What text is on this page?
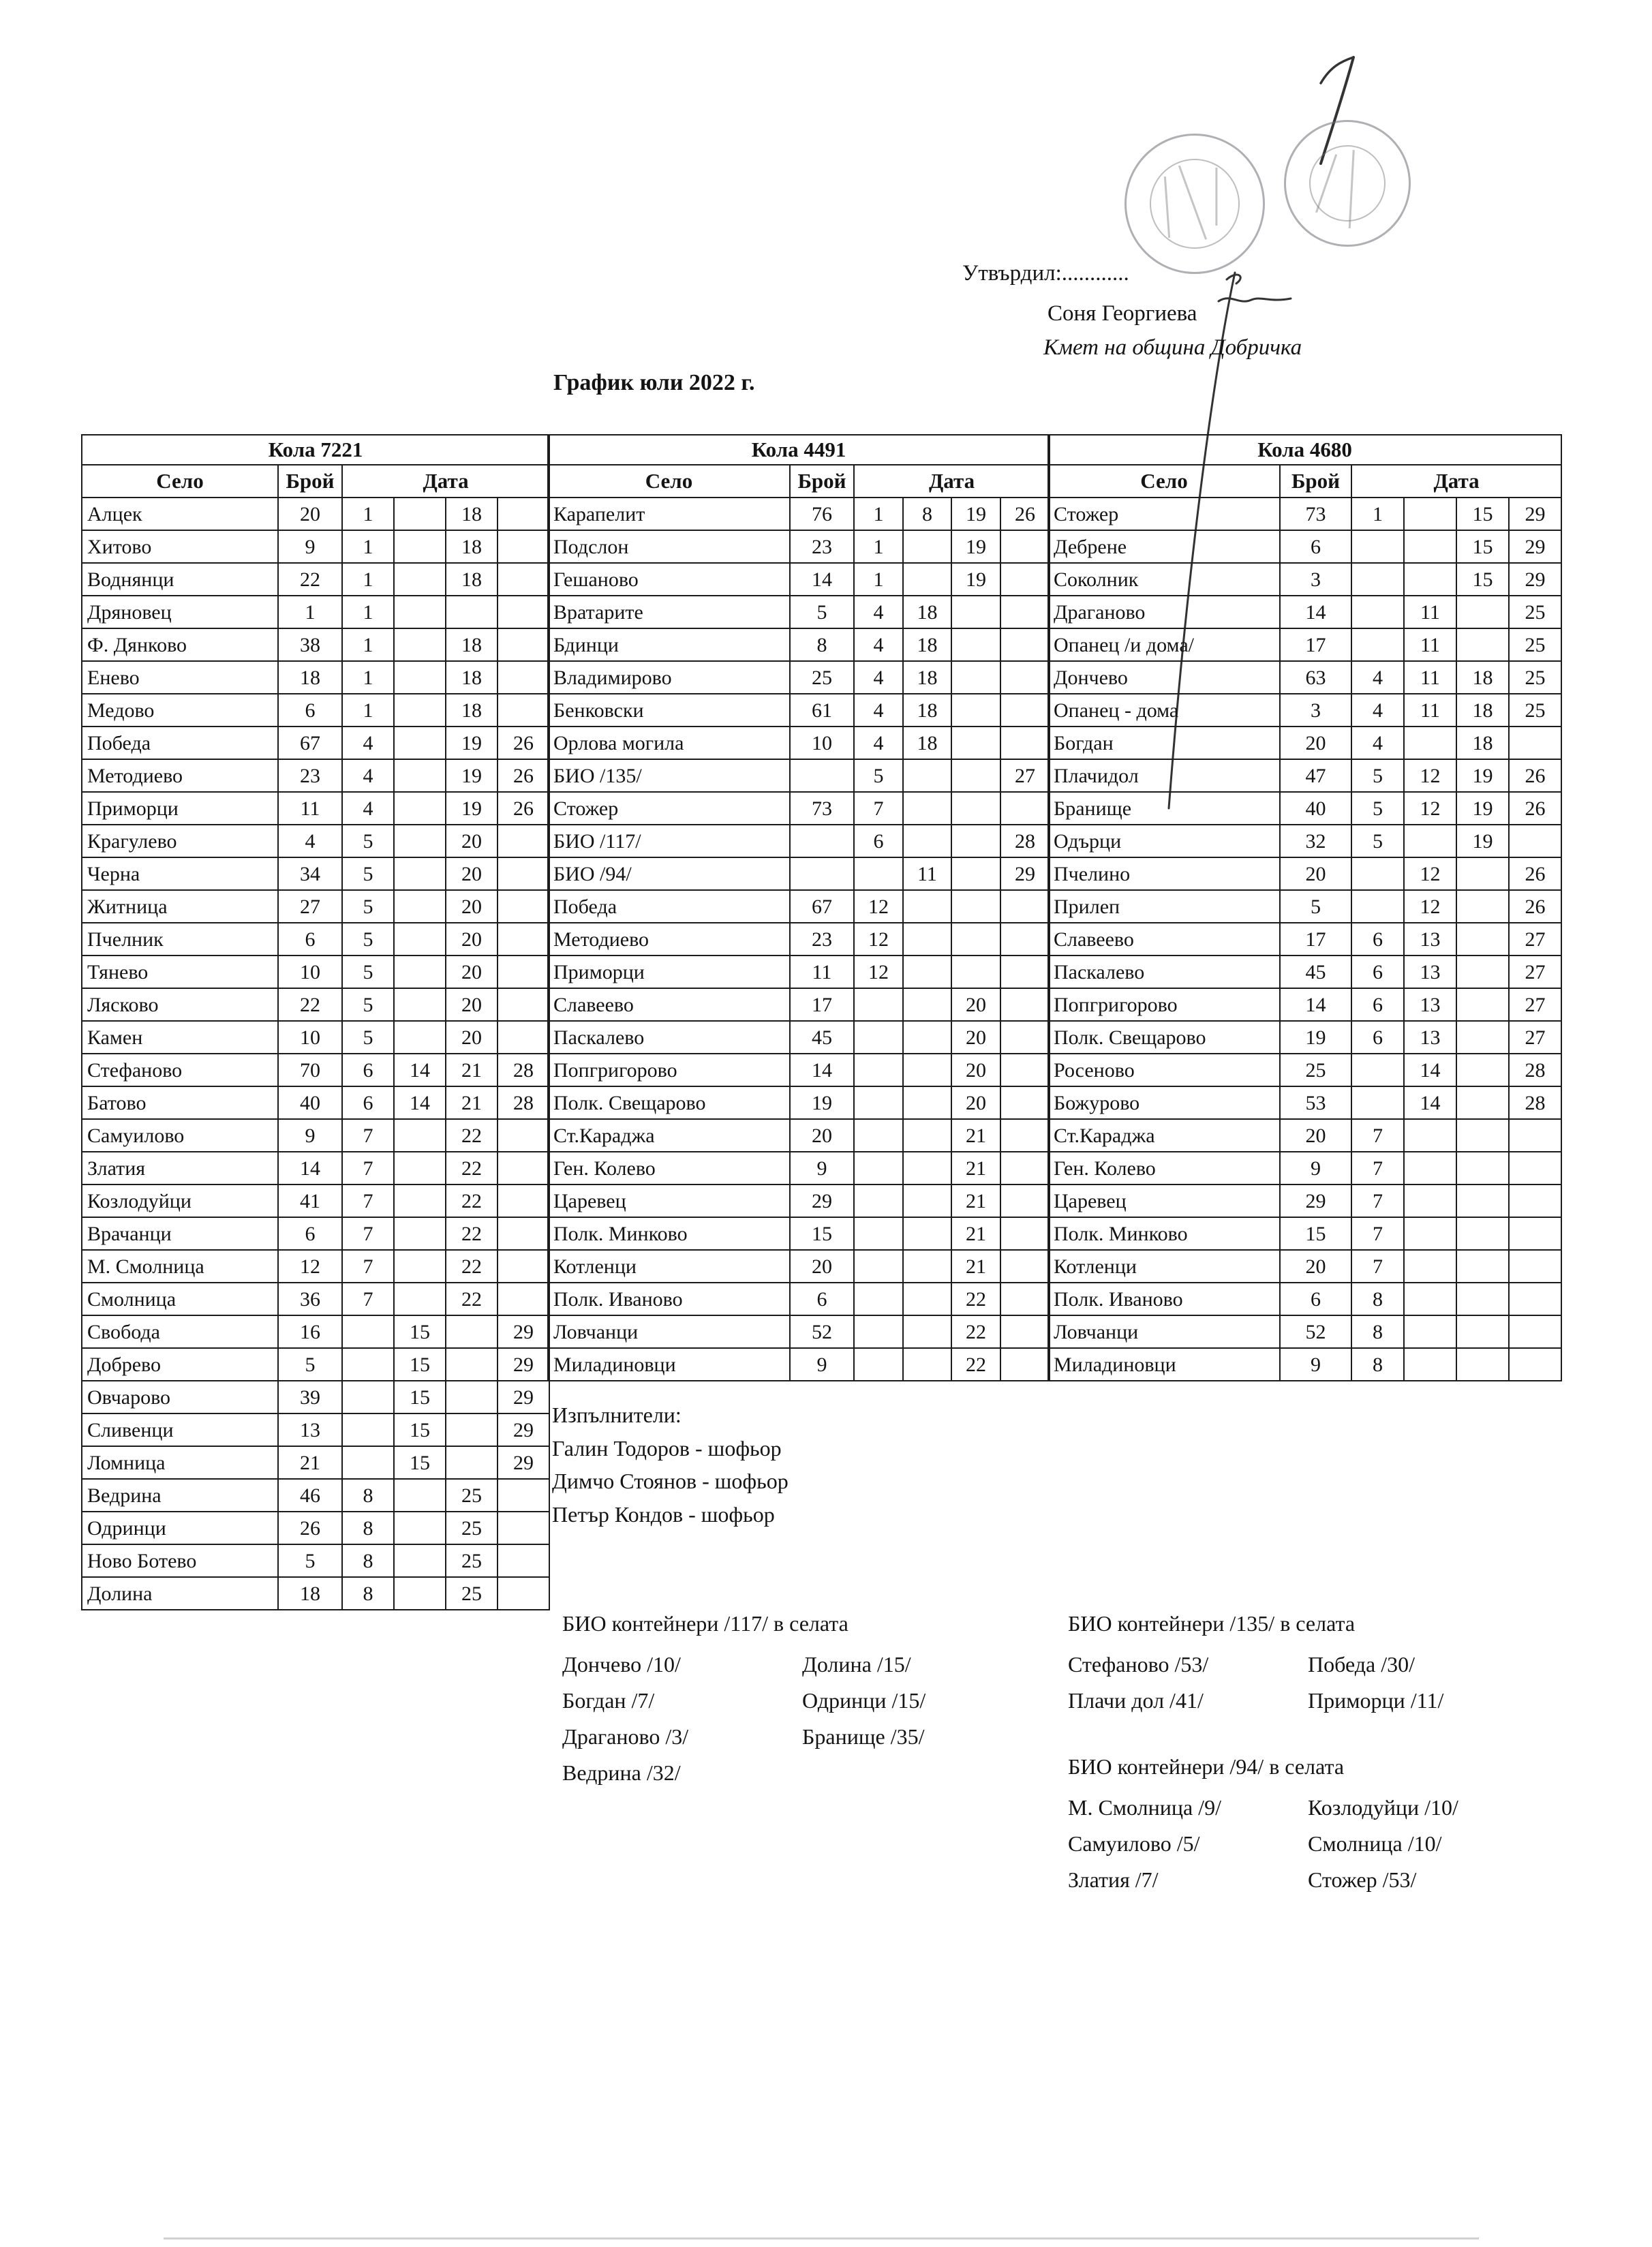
Утвърдил:............
Соня Георгиева
Кмет на община Добричка
График юли 2022 г.
Кола 7221					
Село	Брой	Дата			
Алцек	20	1		18	
Хитово	9	1		18	
Воднянци	22	1		18	
Дряновец	1	1			
Ф. Дянково	38	1		18	
Енево	18	1		18	
Медово	6	1		18	
Победа	67	4		19	26
Методиево	23	4		19	26
Приморци	11	4		19	26
Крагулево	4	5		20	
Черна	34	5		20	
Житница	27	5		20	
Пчелник	6	5		20	
Тянево	10	5		20	
Лясково	22	5		20	
Камен	10	5		20	
Стефаново	70	6	14	21	28
Батово	40	6	14	21	28
Самуилово	9	7		22	
Златия	14	7		22	
Козлодуйци	41	7		22	
Врачанци	6	7		22	
М. Смолница	12	7		22	
Смолница	36	7		22	
Свобода	16		15		29
Добрево	5		15		29
Овчарово	39		15		29
Сливенци	13		15		29
Ломница	21		15		29
Ведрина	46	8		25	
Одринци	26	8		25	
Ново Ботево	5	8		25	
Долина	18	8		25	
Кола 4491					
Село	Брой	Дата			
Карапелит	76	1	8	19	26
Подслон	23	1		19	
Гешаново	14	1		19	
Вратарите	5	4	18		
Бдинци	8	4	18		
Владимирово	25	4	18		
Бенковски	61	4	18		
Орлова могила	10	4	18		
БИО /135/		5			27
Стожер	73	7			
БИО /117/		6			28
БИО /94/			11		29
Победа	67	12			
Методиево	23	12			
Приморци	11	12			
Славеево	17			20	
Паскалево	45			20	
Попгригорово	14			20	
Полк. Свещарово	19			20	
Ст.Караджа	20			21	
Ген. Колево	9			21	
Царевец	29			21	
Полк. Минково	15			21	
Котленци	20			21	
Полк. Иваново	6			22	
Ловчанци	52			22	
Миладиновци	9			22	
Кола 4680					
Село	Брой	Дата			
Стожер	73	1		15	29
Дебрене	6			15	29
Соколник	3			15	29
Драганово	14		11		25
Опанец /и дома/	17		11		25
Дончево	63	4	11	18	25
Опанец - дома	3	4	11	18	25
Богдан	20	4		18	
Плачидол	47	5	12	19	26
Бранище	40	5	12	19	26
Одърци	32	5		19	
Пчелино	20		12		26
Прилеп	5		12		26
Славеево	17	6	13		27
Паскалево	45	6	13		27
Попгригорово	14	6	13		27
Полк. Свещарово	19	6	13		27
Росеново	25		14		28
Божурово	53		14		28
Ст.Караджа	20	7			
Ген. Колево	9	7			
Царевец	29	7			
Полк. Минково	15	7			
Котленци	20	7			
Полк. Иваново	6	8			
Ловчанци	52	8			
Миладиновци	9	8			
Изпълнители:
Галин Тодоров - шофьор
Димчо Стоянов - шофьор
Петър Кондов - шофьор
БИО контейнери /117/ в селата
Дончево /10/	Долина /15/
Богдан /7/	Одринци /15/
Драганово /3/	Бранище /35/
Ведрина /32/
БИО контейнери /135/ в селата
Стефаново /53/	Победа /30/
Плачи дол /41/	Приморци /11/
БИО контейнери /94/ в селата
М. Смолница /9/	Козлодуйци /10/
Самуилово /5/	Смолница /10/
Златия /7/	Стожер /53/
